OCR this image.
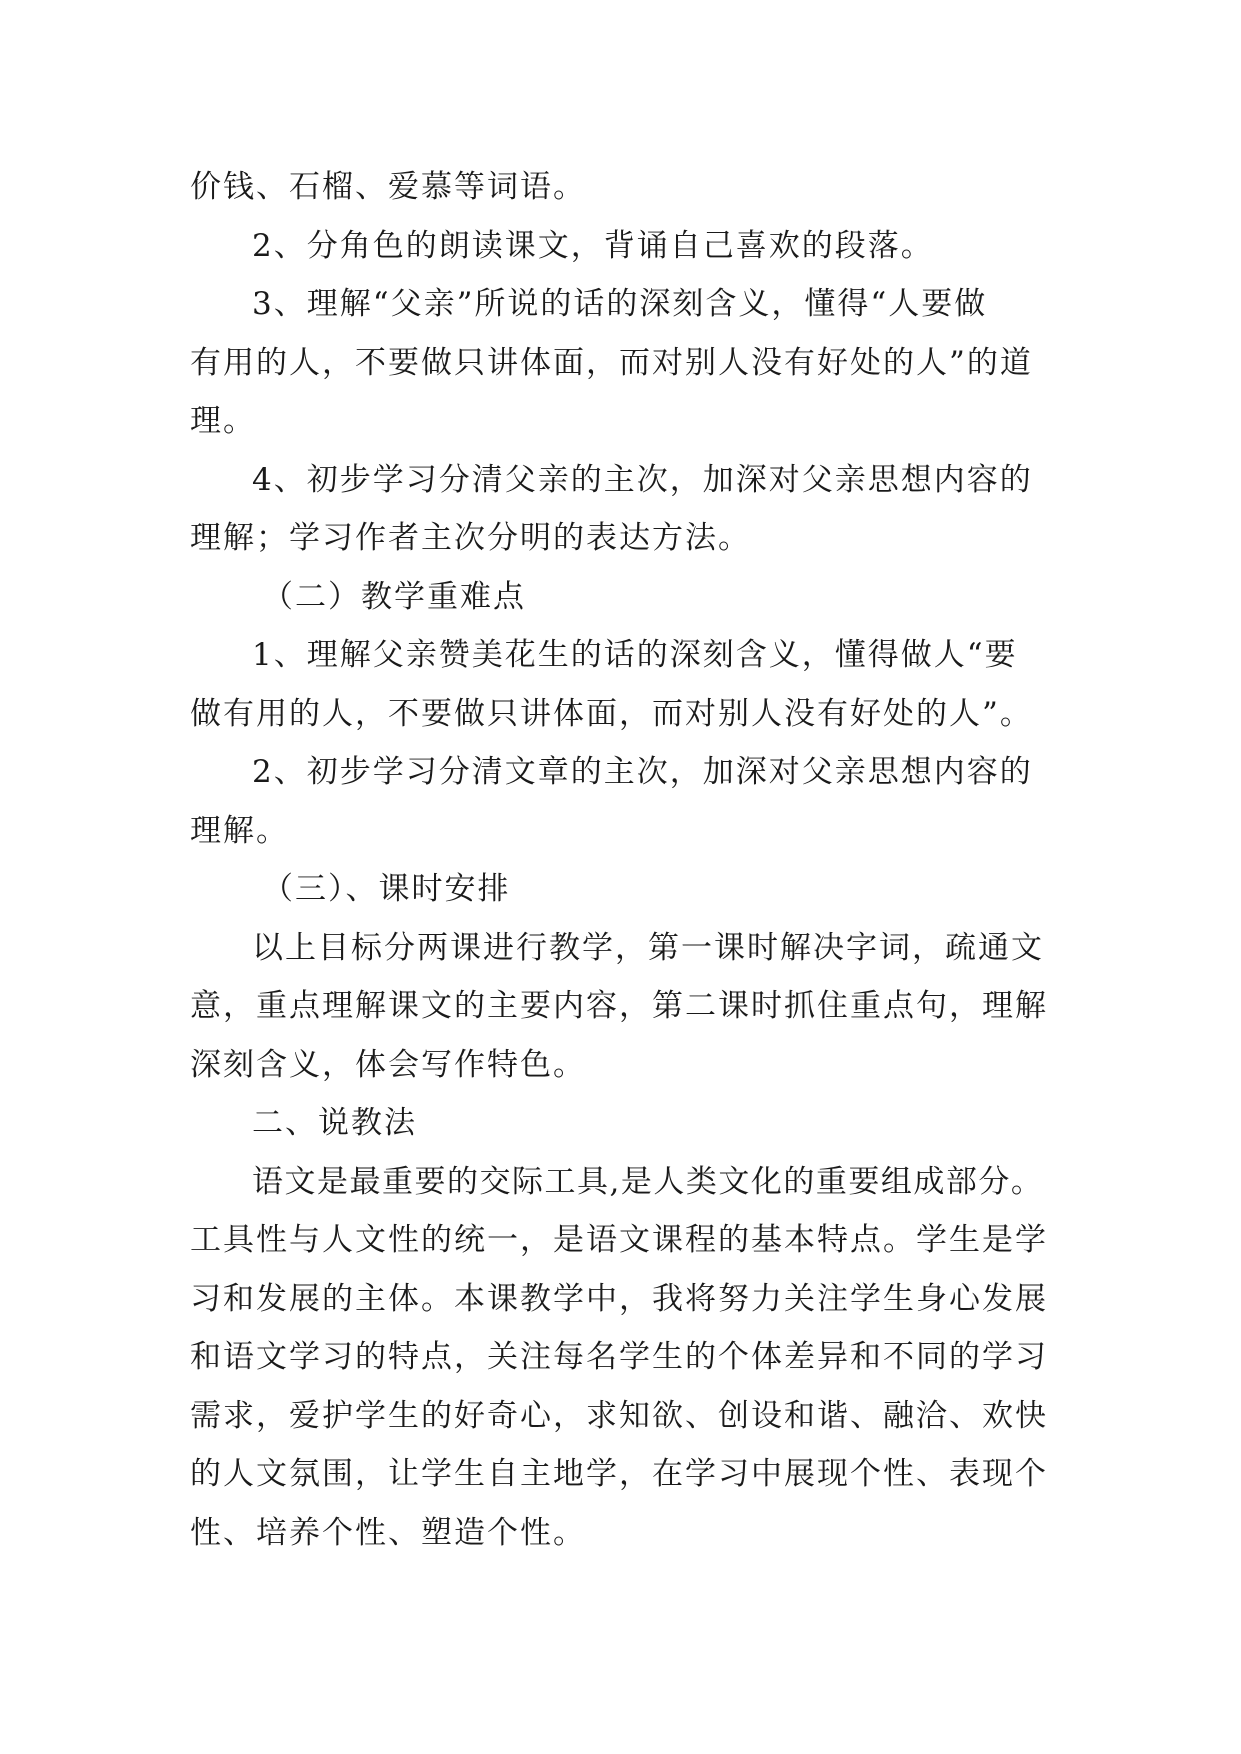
价钱、石榴、爱慕等词语。
2、分角色的朗读课文，背诵自己喜欢的段落。
3、理解“父亲”所说的话的深刻含义，懂得“人要做
有用的人，不要做只讲体面，而对别人没有好处的人”的道
理。
4、初步学习分清父亲的主次，加深对父亲思想内容的
理解；学习作者主次分明的表达方法。
（二）教学重难点
1、理解父亲赞美花生的话的深刻含义，懂得做人“要
做有用的人，不要做只讲体面，而对别人没有好处的人”。
2、初步学习分清文章的主次，加深对父亲思想内容的
理解。
（三）、课时安排
以上目标分两课进行教学，第一课时解决字词，疏通文
意，重点理解课文的主要内容，第二课时抓住重点句，理解
深刻含义，体会写作特色。
二、说教法
语文是最重要的交际工具,是人类文化的重要组成部分。
工具性与人文性的统一，是语文课程的基本特点。学生是学
习和发展的主体。本课教学中，我将努力关注学生身心发展
和语文学习的特点，关注每名学生的个体差异和不同的学习
需求，爱护学生的好奇心，求知欲、创设和谐、融洽、欢快
的人文氛围，让学生自主地学，在学习中展现个性、表现个
性、培养个性、塑造个性。
